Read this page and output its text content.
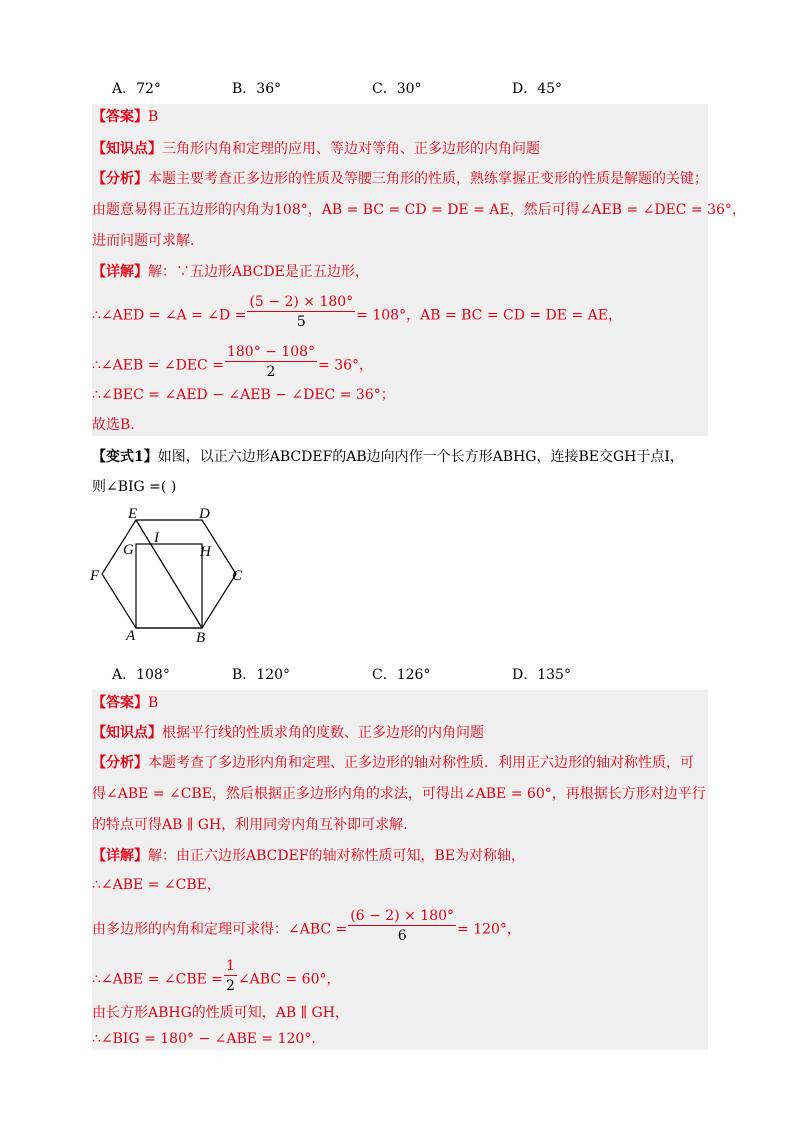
A．72°	B．36°	C．30°	D．45°
【答案】B
【知识点】三角形内角和定理的应用、等边对等角、正多边形的内角问题
【分析】本题主要考查正多边形的性质及等腰三角形的性质，熟练掌握正变形的性质是解题的关键；
由题意易得正五边形的内角为108°，AB = BC = CD = DE = AE，然后可得∠AEB = ∠DEC = 36°，
进而问题可求解.
【详解】解：∵五边形ABCDE是正五边形，
∴∠AED = ∠A = ∠D = $\frac{(5 - 2) \times 180^\circ}{5} = 108^\circ$，AB = BC = CD = DE = AE，
∴∠AEB = ∠DEC = $\frac{180^\circ - 108^\circ}{2} = 36^\circ$，
∴∠BEC = ∠AED − ∠AEB − ∠DEC = 36°；
故选B.
【变式1】如图，以正六边形ABCDEF的AB边向内作一个长方形ABHG，连接BE交GH于点I，
则∠BIG =( )
E	D
G
I
H
F	C
A	B
A．108°	B．120°	C．126°	D．135°
【答案】B
【知识点】根据平行线的性质求角的度数、正多边形的内角问题
【分析】本题考查了多边形内角和定理、正多边形的轴对称性质．利用正六边形的轴对称性质，可
得∠ABE = ∠CBE，然后根据正多边形内角的求法，可得出∠ABE = 60°，再根据长方形对边平行
的特点可得AB ∥ GH，利用同旁内角互补即可求解.
【详解】解：由正六边形ABCDEF的轴对称性质可知，BE为对称轴，
∴∠ABE = ∠CBE，
由多边形的内角和定理可求得：∠ABC = $\frac{(6 - 2) \times 180^\circ}{6} = 120^\circ$，
∴∠ABE = ∠CBE = $\frac{1}{2}$ ∠ABC = 60°，
由长方形ABHG的性质可知，AB ∥ GH，
∴∠BIG = 180° − ∠ABE = 120°.
